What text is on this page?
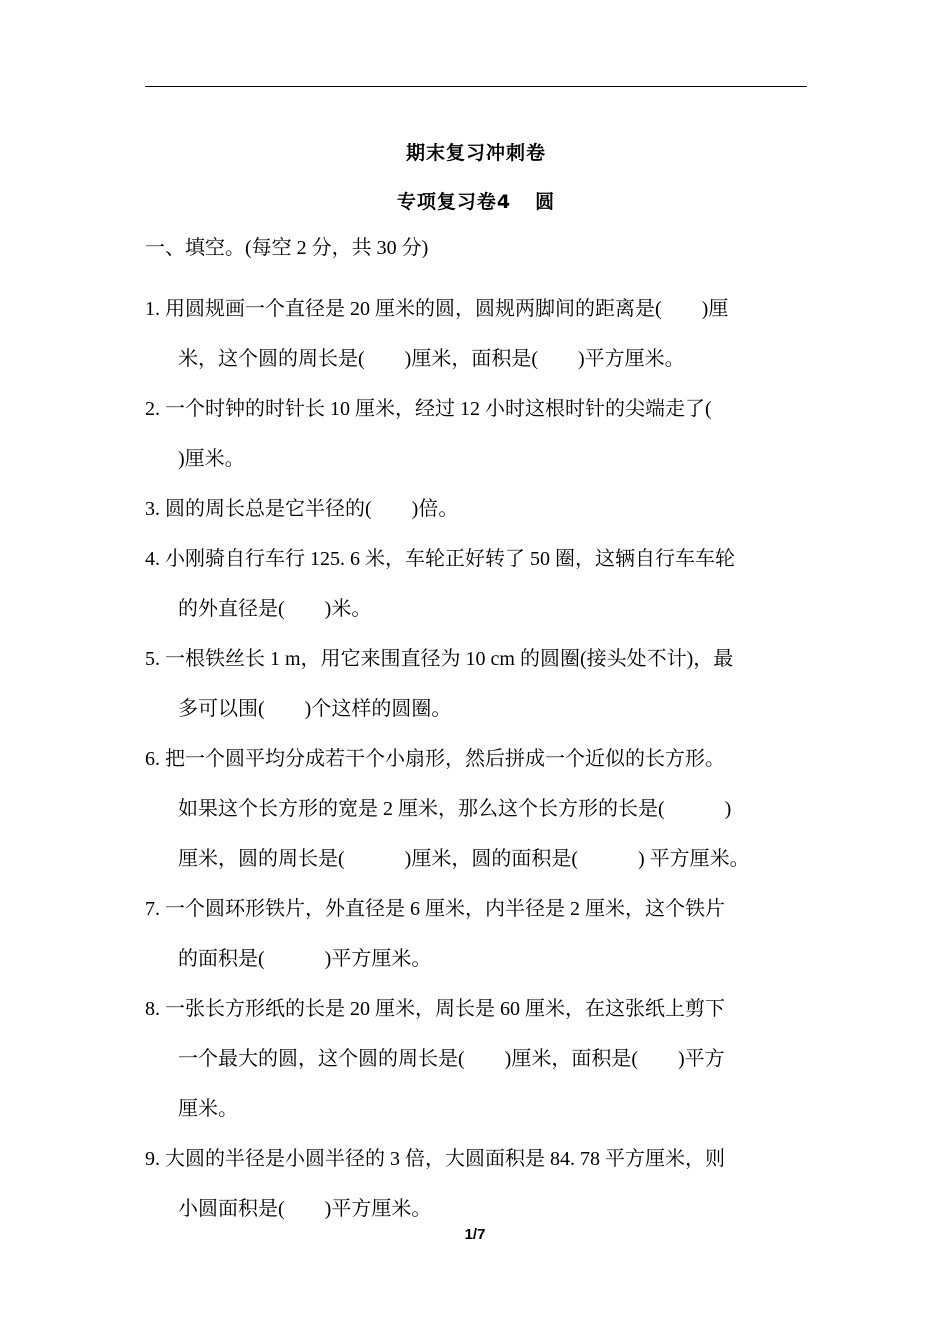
期末复习冲刺卷
专项复习卷4 圆
一、填空。(每空 2 分，共 30 分)
1. 用圆规画一个直径是 20 厘米的圆，圆规两脚间的距离是(　　)厘
米，这个圆的周长是(　　)厘米，面积是(　　)平方厘米。
2. 一个时钟的时针长 10 厘米，经过 12 小时这根时针的尖端走了(
)厘米。
3. 圆的周长总是它半径的(　　)倍。
4. 小刚骑自行车行 125. 6 米，车轮正好转了 50 圈，这辆自行车车轮
的外直径是(　　)米。
5. 一根铁丝长 1 m，用它来围直径为 10 cm 的圆圈(接头处不计)，最
多可以围(　　)个这样的圆圈。
6. 把一个圆平均分成若干个小扇形，然后拼成一个近似的长方形。
如果这个长方形的宽是 2 厘米，那么这个长方形的长是(　　　)
厘米，圆的周长是(　　　)厘米，圆的面积是(　　　) 平方厘米。
7. 一个圆环形铁片，外直径是 6 厘米，内半径是 2 厘米，这个铁片
的面积是(　　　)平方厘米。
8. 一张长方形纸的长是 20 厘米，周长是 60 厘米，在这张纸上剪下
一个最大的圆，这个圆的周长是(　　)厘米，面积是(　　)平方
厘米。
9. 大圆的半径是小圆半径的 3 倍，大圆面积是 84. 78 平方厘米，则
小圆面积是(　　)平方厘米。
1/7
